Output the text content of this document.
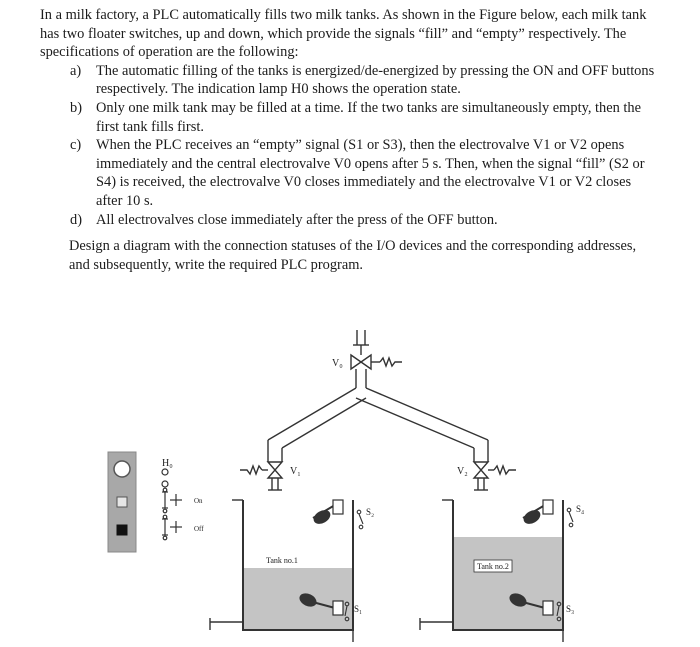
In a milk factory, a PLC automatically fills two milk tanks. As shown in the Figure below, each milk tank has two floater switches, up and down, which provide the signals “fill” and “empty” respectively. The specifications of operation are the following:

a) The automatic filling of the tanks is energized/de-energized by pressing the ON and OFF buttons respectively. The indication lamp H0 shows the operation state.
b) Only one milk tank may be filled at a time. If the two tanks are simultaneously empty, then the first tank fills first.
c) When the PLC receives an “empty” signal (S1 or S3), then the electrovalve V1 or V2 opens immediately and the central electrovalve V0 opens after 5 s. Then, when the signal “fill” (S2 or S4) is received, the electrovalve V0 closes immediately and the electrovalve V1 or V2 closes after 10 s.
d) All electrovalves close immediately after the press of the OFF button.

Design a diagram with the connection statuses of the I/O devices and the corresponding addresses, and subsequently, write the required PLC program.

V₀
V₁	V₂
H₀
On
Off
Tank no.1
S₂
S₁
Tank no.2
S₄
S₃
